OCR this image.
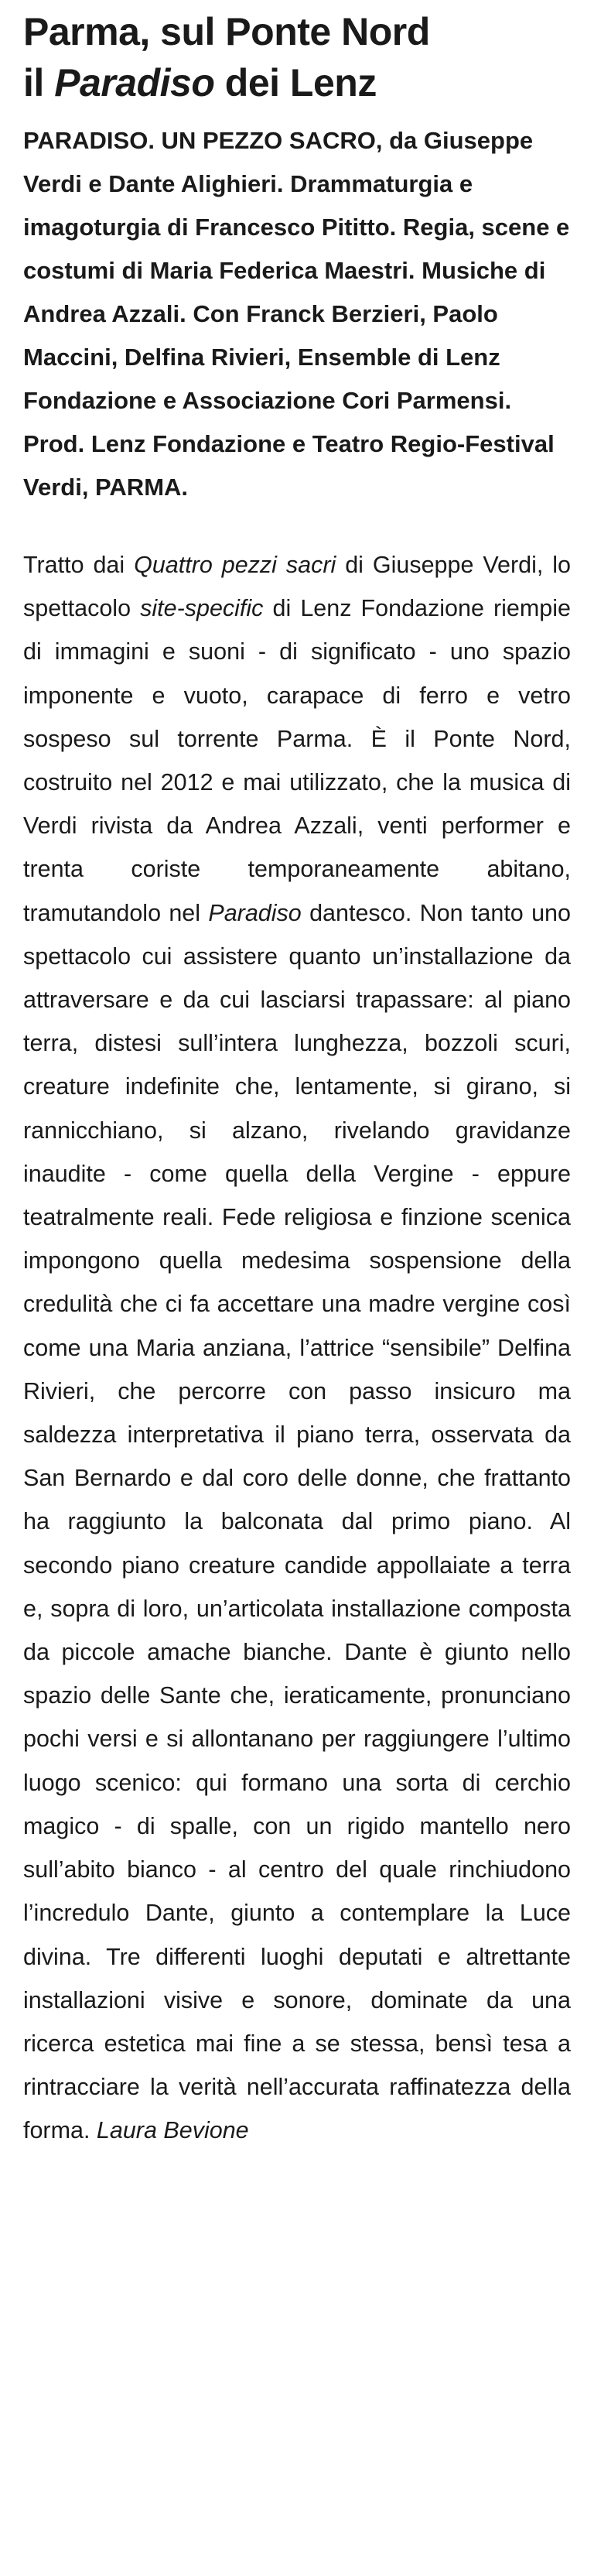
Parma, sul Ponte Nord
il Paradiso dei Lenz

PARADISO. UN PEZZO SACRO, da Giuseppe Verdi e Dante Alighieri. Drammaturgia e imagoturgia di Francesco Pititto. Regia, scene e costumi di Maria Federica Maestri. Musiche di Andrea Azzali. Con Franck Berzieri, Paolo Maccini, Delfina Rivieri, Ensemble di Lenz Fondazione e Associazione Cori Parmensi. Prod. Lenz Fondazione e Teatro Regio-Festival Verdi, PARMA.

Tratto dai Quattro pezzi sacri di Giuseppe Verdi, lo spettacolo site-specific di Lenz Fondazione riempie di immagini e suoni - di significato - uno spazio imponente e vuoto, carapace di ferro e vetro sospeso sul torrente Parma. È il Ponte Nord, costruito nel 2012 e mai utilizzato, che la musica di Verdi rivista da Andrea Azzali, venti performer e trenta coriste temporaneamente abitano, tramutandolo nel Paradiso dantesco. Non tanto uno spettacolo cui assistere quanto un’installazione da attraversare e da cui lasciarsi trapassare: al piano terra, distesi sull’intera lunghezza, bozzoli scuri, creature indefinite che, lentamente, si girano, si rannicchiano, si alzano, rivelando gravidanze inaudite - come quella della Vergine - eppure teatralmente reali. Fede religiosa e finzione scenica impongono quella medesima sospensione della credulità che ci fa accettare una madre vergine così come una Maria anziana, l’attrice “sensibile” Delfina Rivieri, che percorre con passo insicuro ma saldezza interpretativa il piano terra, osservata da San Bernardo e dal coro delle donne, che frattanto ha raggiunto la balconata dal primo piano. Al secondo piano creature candide appollaiate a terra e, sopra di loro, un’articolata installazione composta da piccole amache bianche. Dante è giunto nello spazio delle Sante che, ieraticamente, pronunciano pochi versi e si allontanano per raggiungere l’ultimo luogo scenico: qui formano una sorta di cerchio magico - di spalle, con un rigido mantello nero sull’abito bianco - al centro del quale rinchiudono l’incredulo Dante, giunto a contemplare la Luce divina. Tre differenti luoghi deputati e altrettante installazioni visive e sonore, dominate da una ricerca estetica mai fine a se stessa, bensì tesa a rintracciare la verità nell’accurata raffinatezza della forma. Laura Bevione
